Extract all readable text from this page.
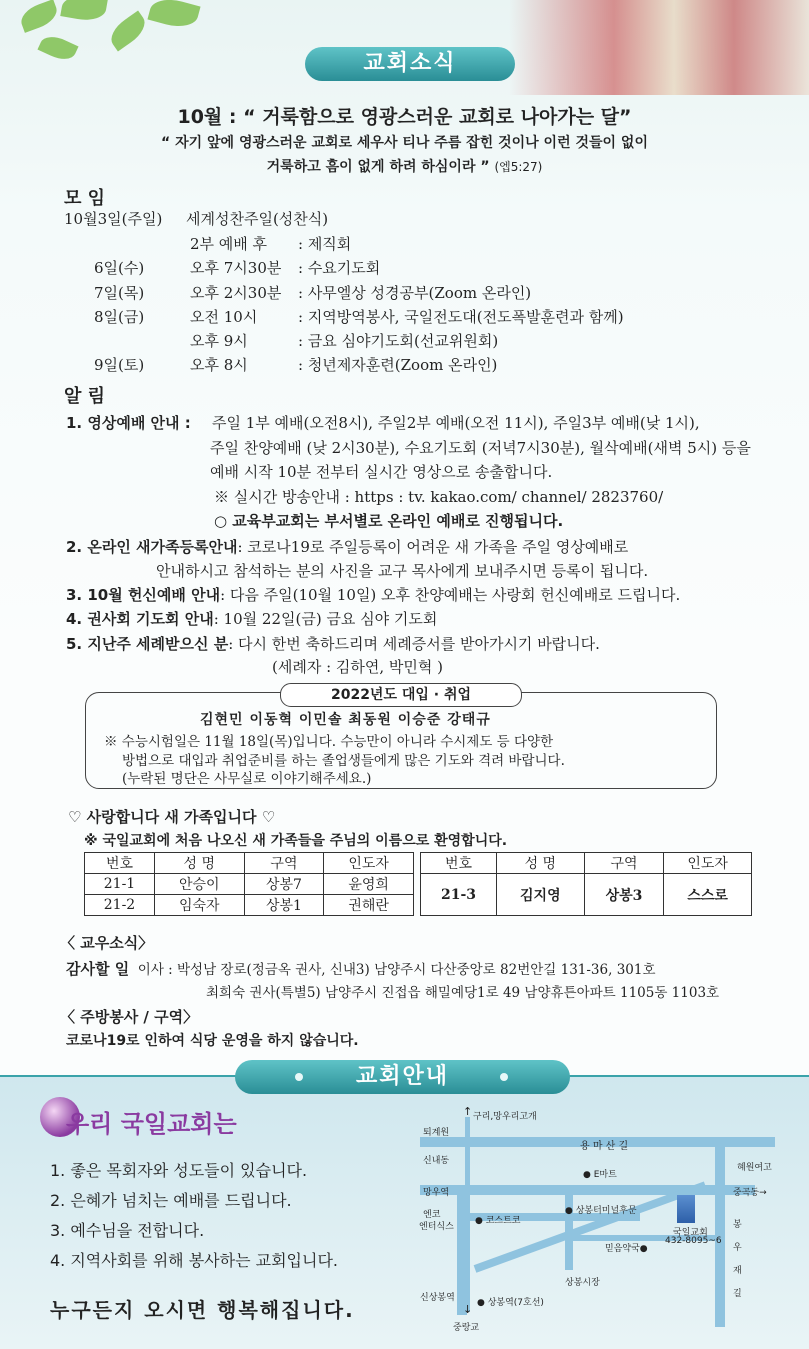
교회소식
10월 : “ 거룩함으로 영광스러운 교회로 나아가는 달”
“ 자기 앞에 영광스러운 교회로 세우사 티나 주름 잡힌 것이나 이런 것들이 없이
거룩하고 흠이 없게 하려 하심이라 ” (엡5:27)
모 임
10월3일(주일) 세계성찬주일(성찬식)
2부 예배 후 : 제직회
6일(수)	오후 7시30분 : 수요기도회
7일(목)	오후 2시30분 : 사무엘상 성경공부(Zoom 온라인)
8일(금)	오전 10시	: 지역방역봉사, 국일전도대(전도폭발훈련과 함께)
오후 9시	: 금요 심야기도회(선교위원회)
9일(토)	오후 8시	: 청년제자훈련(Zoom 온라인)
알 림
1. 영상예배 안내 : 주일 1부 예배(오전8시), 주일2부 예배(오전 11시), 주일3부 예배(낮 1시),
주일 찬양예배 (낮 2시30분), 수요기도회 (저녁7시30분), 월삭예배(새벽 5시) 등을
예배 시작 10분 전부터 실시간 영상으로 송출합니다.
※ 실시간 방송안내 : https : tv. kakao.com/ channel/ 2823760/
○ 교육부교회는 부서별로 온라인 예배로 진행됩니다.
2. 온라인 새가족등록안내: 코로나19로 주일등록이 어려운 새 가족을 주일 영상예배로
안내하시고 참석하는 분의 사진을 교구 목사에게 보내주시면 등록이 됩니다.
3. 10월 헌신예배 안내: 다음 주일(10월 10일) 오후 찬양예배는 사랑회 헌신예배로 드립니다.
4. 권사회 기도회 안내: 10월 22일(금) 금요 심야 기도회
5. 지난주 세례받으신 분: 다시 한번 축하드리며 세례증서를 받아가시기 바랍니다.
(세례자 : 김하연, 박민혁 )
2022년도 대입 · 취업
김현민 이동혁 이민솔 최동원 이승준 강태규
※ 수능시험일은 11월 18일(목)입니다. 수능만이 아니라 수시제도 등 다양한
방법으로 대입과 취업준비를 하는 졸업생들에게 많은 기도와 격려 바랍니다.
(누락된 명단은 사무실로 이야기해주세요.)
♡ 사랑합니다 새 가족입니다 ♡
※ 국일교회에 처음 나오신 새 가족들을 주님의 이름으로 환영합니다.
번호	성 명	구역	인도자
21-1	안승이	상봉7	윤영희
21-2	임숙자	상봉1	권해란
번호	성 명	구역	인도자
21-3	김지영	상봉3	스스로
〈 교우소식〉
감사할 일 이사 : 박성남 장로(정금옥 권사, 신내3) 남양주시 다산중앙로 82번안길 131-36, 301호
최희숙 권사(특별5) 남양주시 진접읍 해밀예당1로 49 남양휴튼아파트 1105동 1103호
〈 주방봉사 / 구역〉
코로나19로 인하여 식당 운영을 하지 않습니다.
교회안내
우리 국일교회는
1. 좋은 목회자와 성도들이 있습니다.
2. 은혜가 넘치는 예배를 드립니다.
3. 예수님을 전합니다.
4. 지역사회를 위해 봉사하는 교회입니다.
누구든지 오시면 행복해집니다.
구리,망우리고개
↑
퇴계원
용 마 산 길
신내동
● E마트
혜원여고
망우역	중곡동→
엔코
엔터식스
● 코스트코
● 상봉터미널후문
국일교회
432-8095~6
믿음약국●
봉
우
재
길
상봉시장
신상봉역 ● 상봉역(7호선)
↓
중랑교
